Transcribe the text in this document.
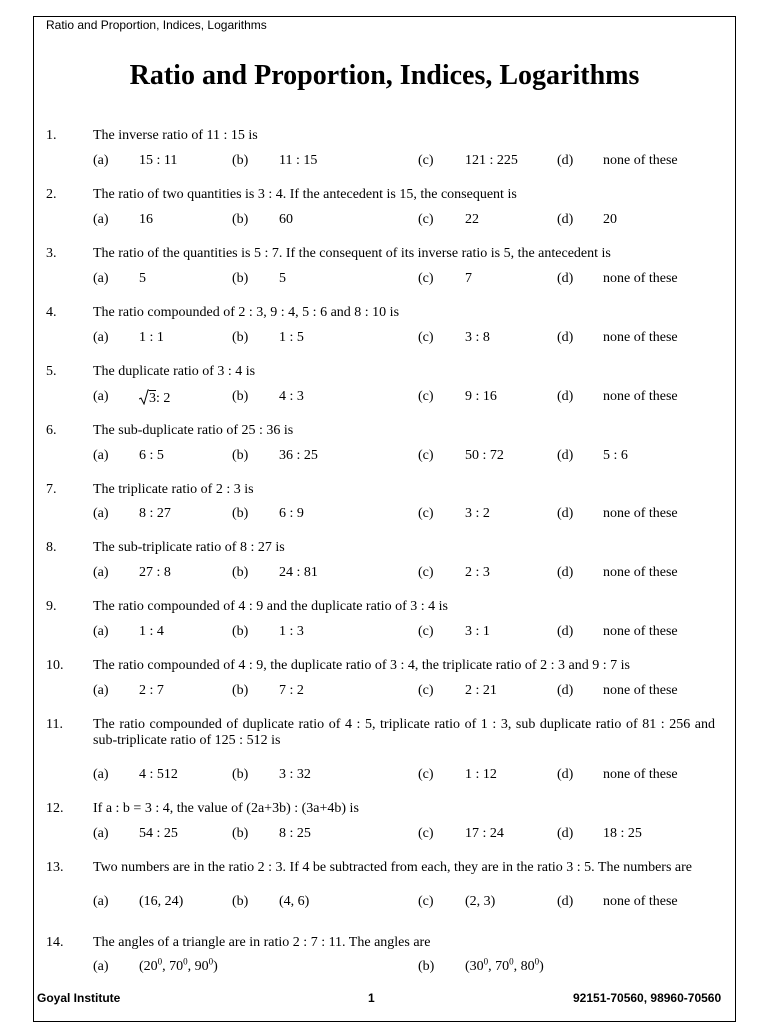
Ratio and Proportion, Indices, Logarithms
Ratio and Proportion, Indices, Logarithms
1.	The inverse ratio of 11 : 15 is
(a) 15 : 11	(b) 11 : 15	(c) 121 : 225	(d) none of these
2.	The ratio of two quantities is 3 : 4. If the antecedent is 15, the consequent is
(a) 16	(b) 60	(c) 22	(d) 20
3.	The ratio of the quantities is 5 : 7. If the consequent of its inverse ratio is 5, the antecedent is
(a) 5	(b) 5	(c) 7	(d) none of these
4.	The ratio compounded of 2 : 3, 9 : 4, 5 : 6 and 8 : 10 is
(a) 1 : 1	(b) 1 : 5	(c) 3 : 8	(d) none of these
5.	The duplicate ratio of 3 : 4 is
(a)	3: 2	(b) 4 : 3	(c) 9 : 16	(d) none of these
6.	The sub-duplicate ratio of 25 : 36 is
(a) 6 : 5	(b) 36 : 25	(c) 50 : 72	(d) 5 : 6
7.	The triplicate ratio of 2 : 3 is
(a) 8 : 27	(b) 6 : 9	(c) 3 : 2	(d) none of these
8.	The sub-triplicate ratio of 8 : 27 is
(a) 27 : 8	(b) 24 : 81	(c) 2 : 3	(d) none of these
9.	The ratio compounded of 4 : 9 and the duplicate ratio of 3 : 4 is
(a) 1 : 4	(b) 1 : 3	(c) 3 : 1	(d) none of these
10. The ratio compounded of 4 : 9, the duplicate ratio of 3 : 4, the triplicate ratio of 2 : 3 and 9 : 7 is
(a) 2 : 7	(b) 7 : 2	(c) 2 : 21	(d) none of these
11. The ratio compounded of duplicate ratio of 4 : 5, triplicate ratio of 1 : 3, sub duplicate ratio of 81 : 256 and sub-triplicate ratio of 125 : 512 is
(a) 4 : 512	(b) 3 : 32	(c) 1 : 12	(d) none of these
12. If a : b = 3 : 4, the value of (2a+3b) : (3a+4b) is
(a) 54 : 25	(b) 8 : 25	(c) 17 : 24	(d) 18 : 25
13. Two numbers are in the ratio 2 : 3. If 4 be subtracted from each, they are in the ratio 3 : 5. The numbers are
(a) (16, 24)	(b) (4, 6)	(c) (2, 3)	(d) none of these
14. The angles of a triangle are in ratio 2 : 7 : 11. The angles are
(a) ($20^0$, $70^0$, $90^0$)	(b) ($30^0$, $70^0$, $80^0$)
Goyal Institute	1	92151-70560, 98960-70560
